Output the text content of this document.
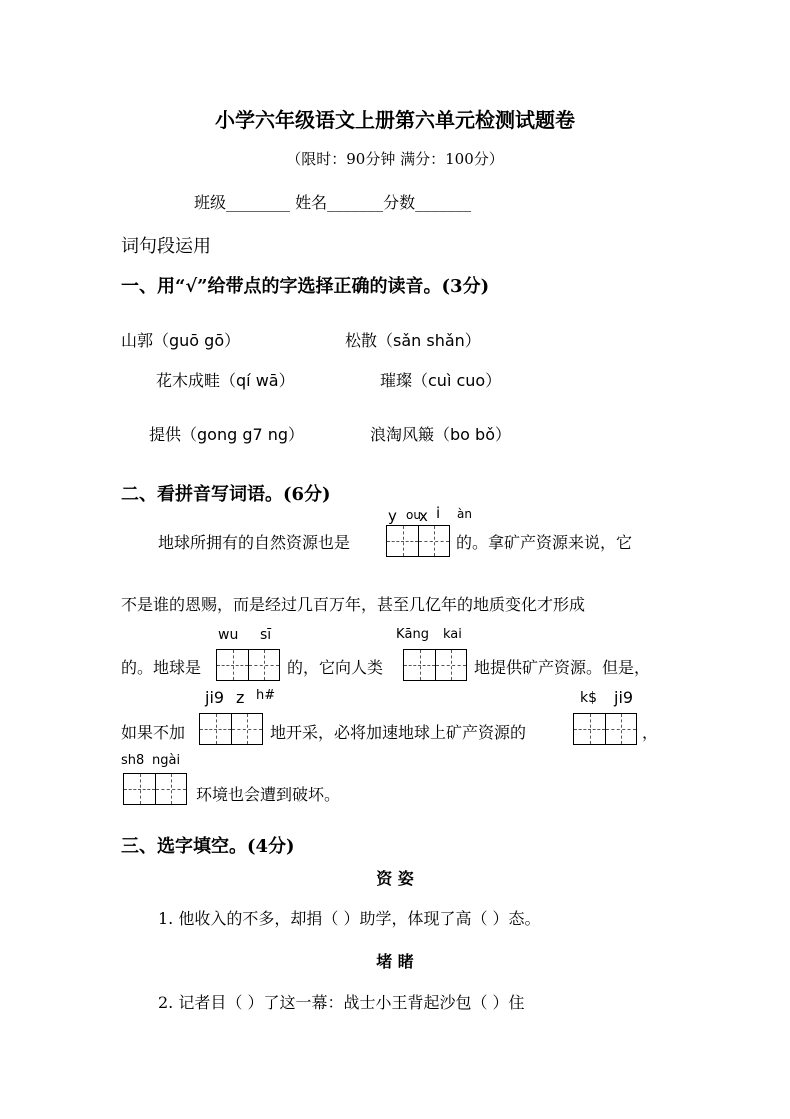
小学六年级语文上册第六单元检测试题卷
（限时：90分钟 满分：100分）
班级________ 姓名_______分数_______
词句段运用
一、用“√”给带点的字选择正确的读音。(3分)
山郭（guō gō）	松散（sǎn shǎn）
花木成畦（qí wā）	璀璨（cuì cuo）
提供（gong g7 ng）	浪淘风簸（bo bǒ）
二、看拼音写词语。(6分)
y ou
x i àn
地球所拥有的自然资源也是	的。拿矿产资源来说，它
不是谁的恩赐，而是经过几百万年，甚至几亿年的地质变化才形成
wu sī	Kāng kai
的。地球是	的，它向人类	地提供矿产资源。但是，
ji9 z h#	k$ ji9
如果不加	地开采，必将加速地球上矿产资源的	，
sh8 ngài
环境也会遭到破坏。
三、选字填空。(4分)
资 姿
1. 他收入的不多，却捐（ ）助学，体现了高（ ）态。
堵 睹
2. 记者目（ ）了这一幕：战士小王背起沙包（ ）住
